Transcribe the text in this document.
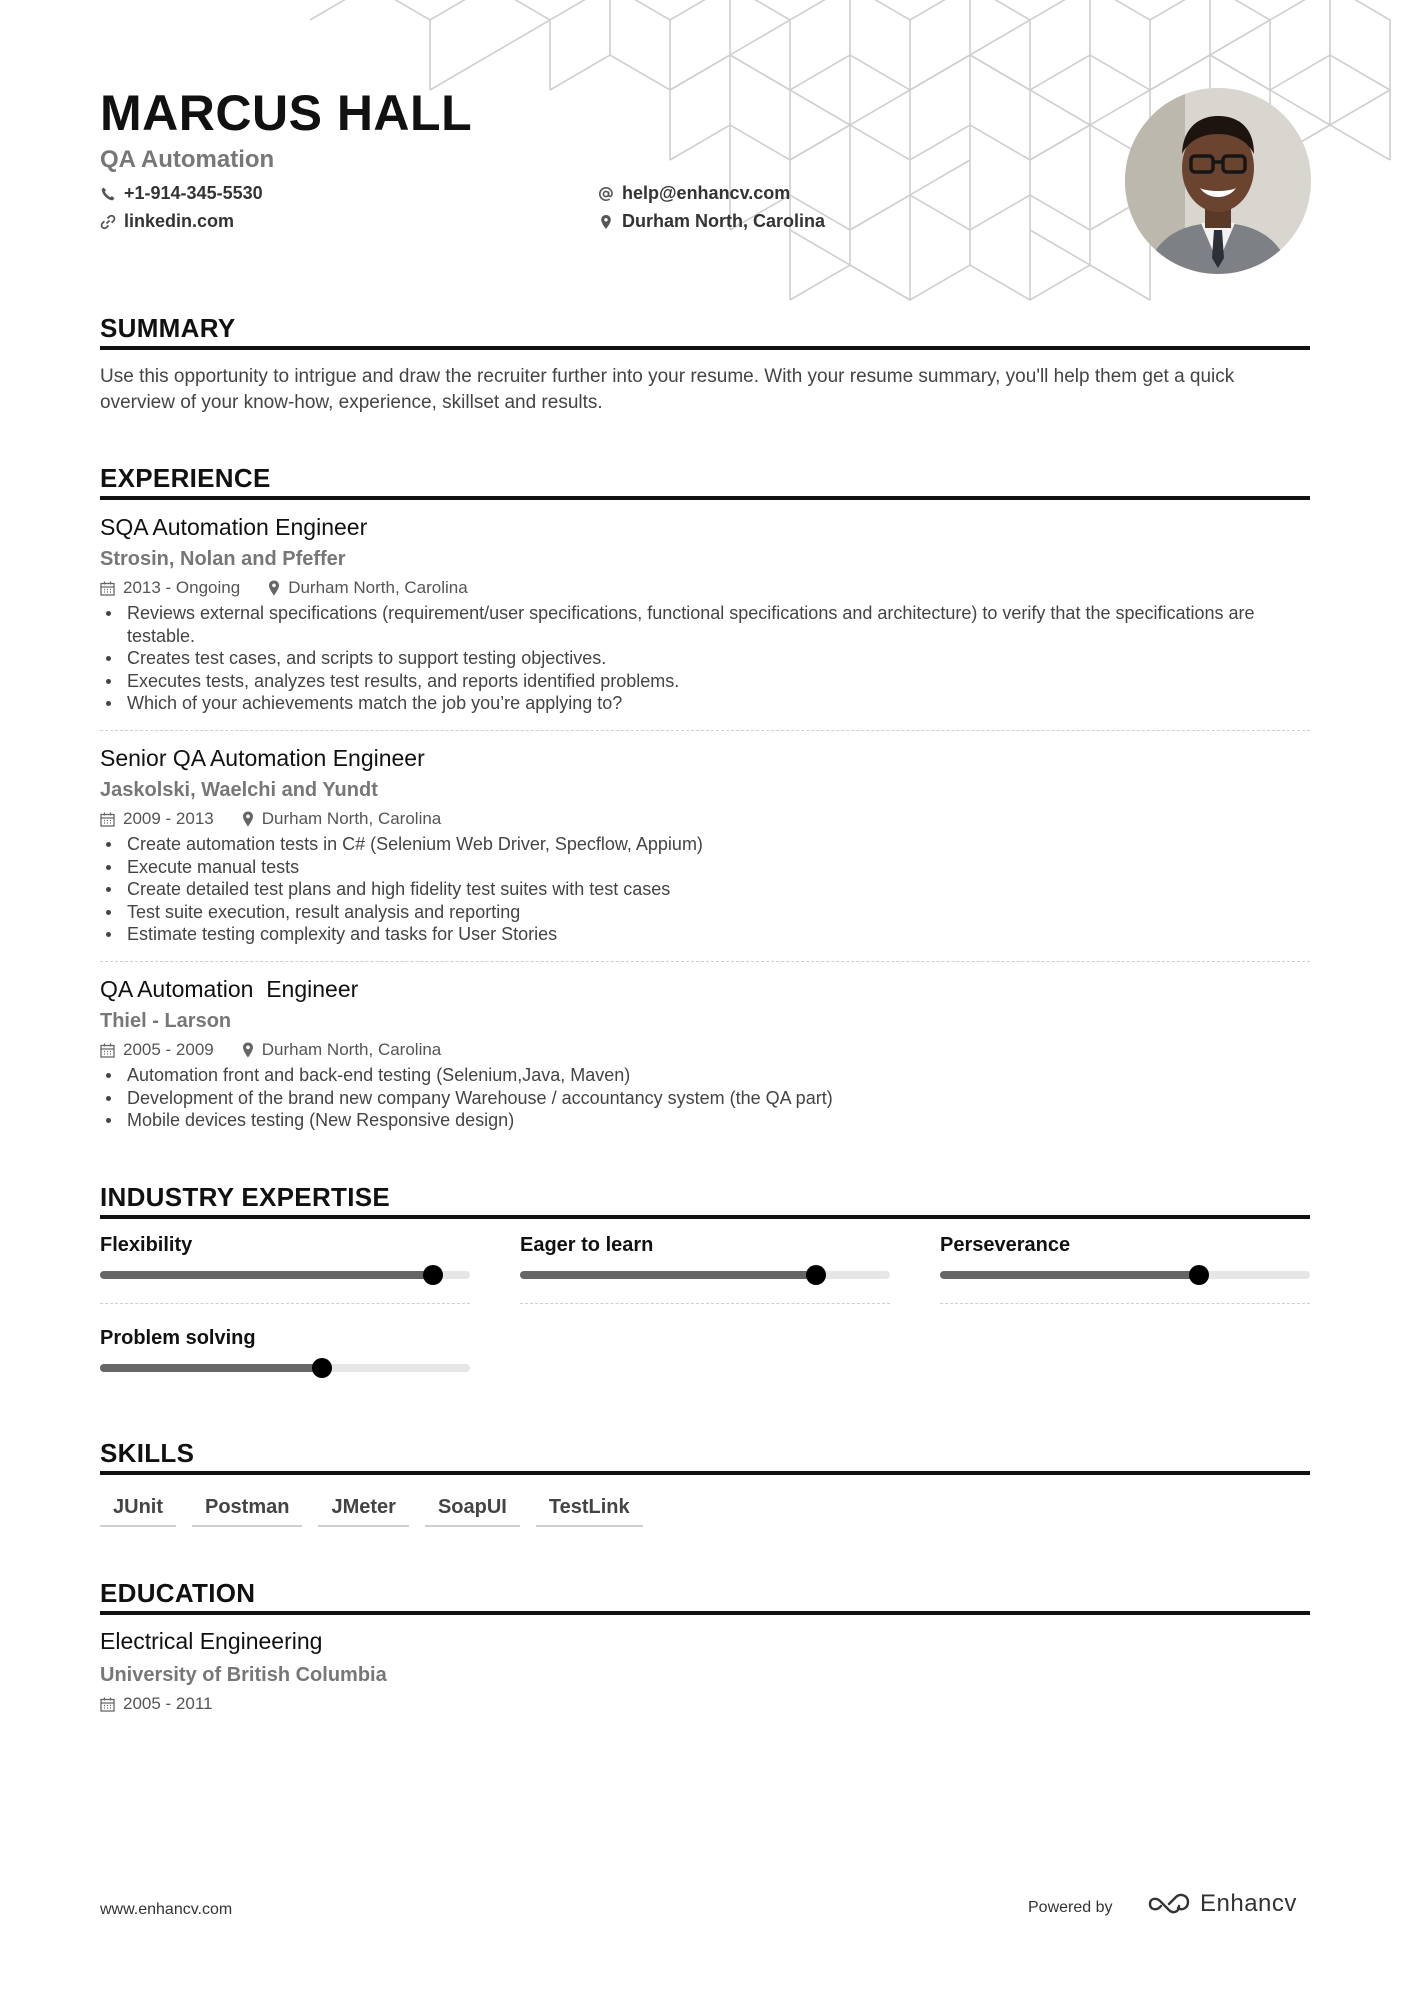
MARCUS HALL
QA Automation
+1-914-345-5530
linkedin.com
help@enhancv.com
Durham North, Carolina
SUMMARY
Use this opportunity to intrigue and draw the recruiter further into your resume. With your resume summary, you'll help them get a quick overview of your know-how, experience, skillset and results.
EXPERIENCE
SQA Automation Engineer
Strosin, Nolan and Pfeffer
2013 - Ongoing	Durham North, Carolina
Reviews external specifications (requirement/user specifications, functional specifications and architecture) to verify that the specifications are testable.
Creates test cases, and scripts to support testing objectives.
Executes tests, analyzes test results, and reports identified problems.
Which of your achievements match the job you’re applying to?
Senior QA Automation Engineer
Jaskolski, Waelchi and Yundt
2009 - 2013	Durham North, Carolina
Create automation tests in C# (Selenium Web Driver, Specflow, Appium)
Execute manual tests
Create detailed test plans and high fidelity test suites with test cases
Test suite execution, result analysis and reporting
Estimate testing complexity and tasks for User Stories
QA Automation  Engineer
Thiel - Larson
2005 - 2009	Durham North, Carolina
Automation front and back-end testing (Selenium,Java, Maven)
Development of the brand new company Warehouse / accountancy system (the QA part)
Mobile devices testing (New Responsive design)
INDUSTRY EXPERTISE
Flexibility	Eager to learn	Perseverance
Problem solving
SKILLS
JUnit	Postman	JMeter	SoapUI	TestLink
EDUCATION
Electrical Engineering
University of British Columbia
2005 - 2011
www.enhancv.com	Powered by	Enhancv
